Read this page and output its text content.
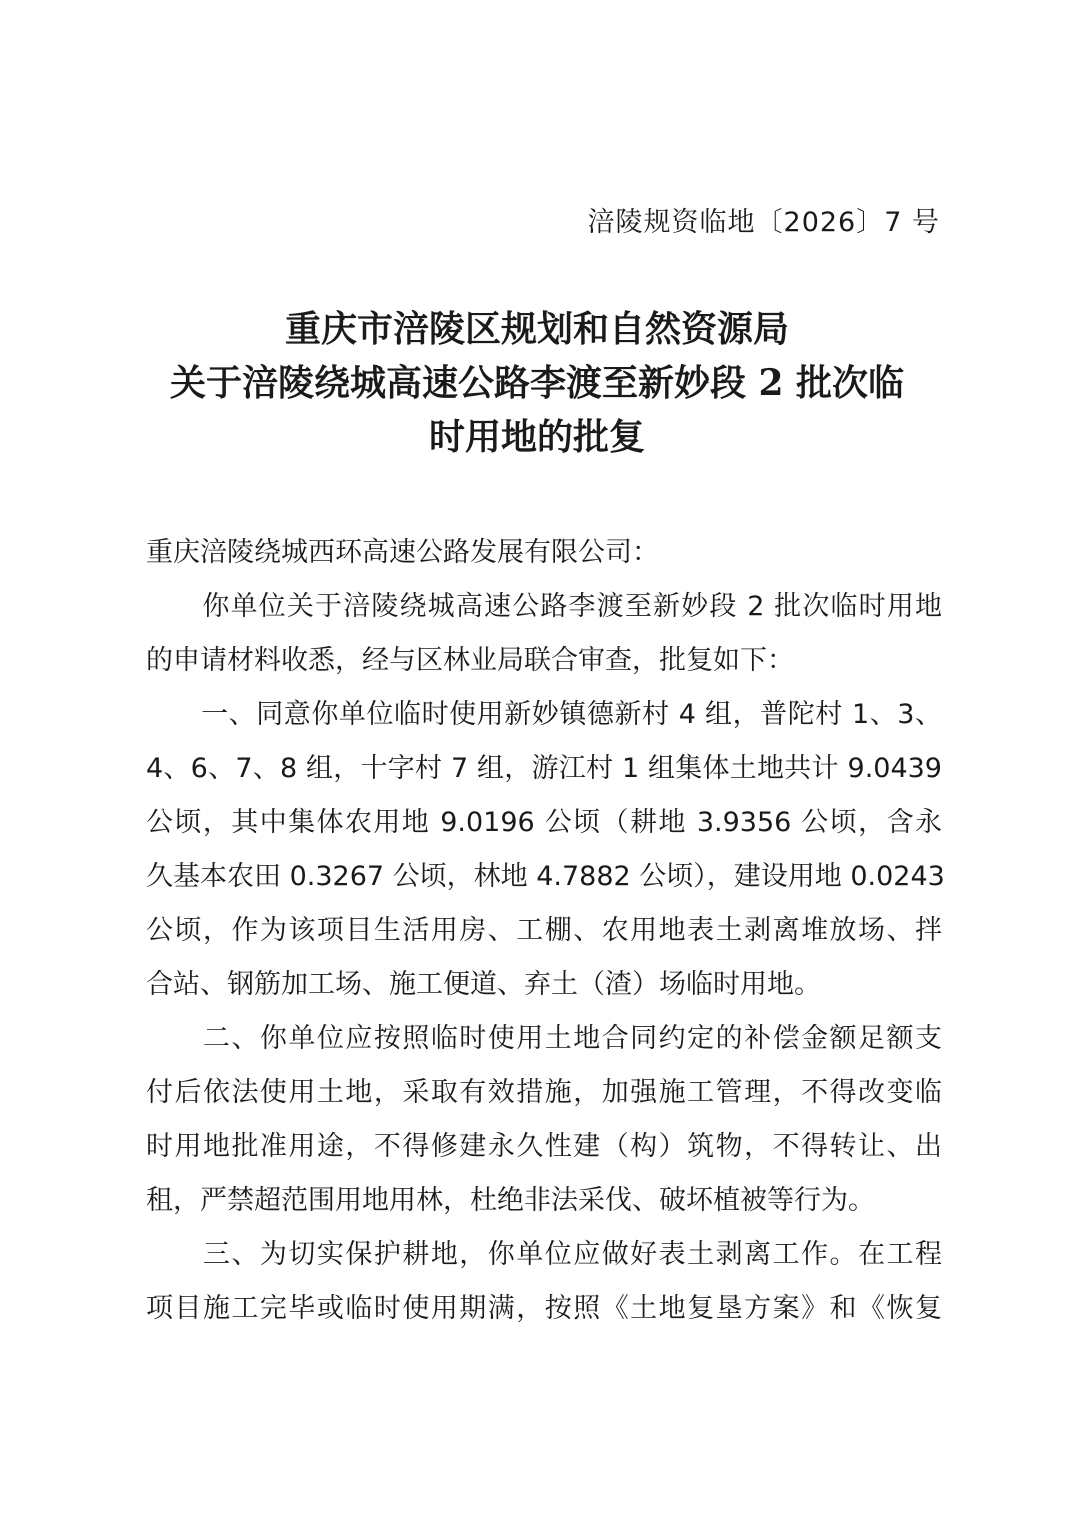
涪陵规资临地〔2026〕7 号
重庆市涪陵区规划和自然资源局
关于涪陵绕城高速公路李渡至新妙段 2 批次临
时用地的批复
重庆涪陵绕城西环高速公路发展有限公司：
　　你单位关于涪陵绕城高速公路李渡至新妙段 2 批次临时用地
的申请材料收悉，经与区林业局联合审查，批复如下：
　　一、同意你单位临时使用新妙镇德新村 4 组，普陀村 1、3、
4、6、7、8 组，十字村 7 组，游江村 1 组集体土地共计 9.0439
公顷，其中集体农用地 9.0196 公顷（耕地 3.9356 公顷，含永
久基本农田 0.3267 公顷，林地 4.7882 公顷），建设用地 0.0243
公顷，作为该项目生活用房、工棚、农用地表土剥离堆放场、拌
合站、钢筋加工场、施工便道、弃土（渣）场临时用地。
　　二、你单位应按照临时使用土地合同约定的补偿金额足额支
付后依法使用土地，采取有效措施，加强施工管理，不得改变临
时用地批准用途，不得修建永久性建（构）筑物，不得转让、出
租，严禁超范围用地用林，杜绝非法采伐、破坏植被等行为。
　　三、为切实保护耕地，你单位应做好表土剥离工作。在工程
项目施工完毕或临时使用期满，按照《土地复垦方案》和《恢复
